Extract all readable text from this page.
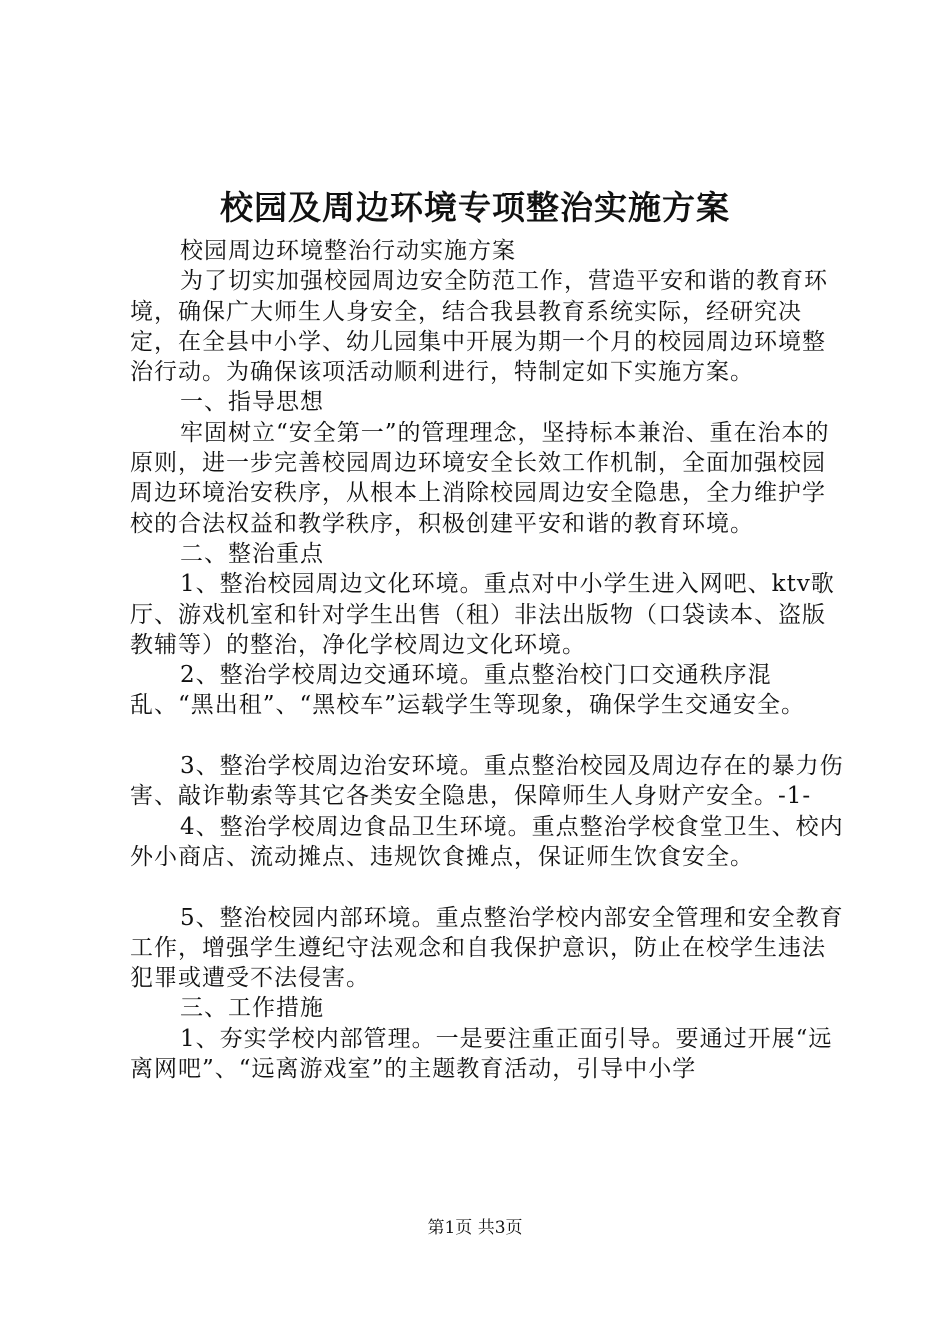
校园及周边环境专项整治实施方案

校园周边环境整治行动实施方案

为了切实加强校园周边安全防范工作，营造平安和谐的教育环境，确保广大师生人身安全，结合我县教育系统实际，经研究决定，在全县中小学、幼儿园集中开展为期一个月的校园周边环境整治行动。为确保该项活动顺利进行，特制定如下实施方案。

一、指导思想

牢固树立“安全第一”的管理理念，坚持标本兼治、重在治本的原则，进一步完善校园周边环境安全长效工作机制，全面加强校园周边环境治安秩序，从根本上消除校园周边安全隐患，全力维护学校的合法权益和教学秩序，积极创建平安和谐的教育环境。

二、整治重点

1、整治校园周边文化环境。重点对中小学生进入网吧、ktv歌厅、游戏机室和针对学生出售（租）非法出版物（口袋读本、盗版教辅等）的整治，净化学校周边文化环境。

2、整治学校周边交通环境。重点整治校门口交通秩序混乱、“黑出租”、“黑校车”运载学生等现象，确保学生交通安全。

3、整治学校周边治安环境。重点整治校园及周边存在的暴力伤害、敲诈勒索等其它各类安全隐患，保障师生人身财产安全。-1-

4、整治学校周边食品卫生环境。重点整治学校食堂卫生、校内外小商店、流动摊点、违规饮食摊点，保证师生饮食安全。

5、整治校园内部环境。重点整治学校内部安全管理和安全教育工作，增强学生遵纪守法观念和自我保护意识，防止在校学生违法犯罪或遭受不法侵害。

三、工作措施

1、夯实学校内部管理。一是要注重正面引导。要通过开展“远离网吧”、“远离游戏室”的主题教育活动，引导中小学

第1页 共3页
